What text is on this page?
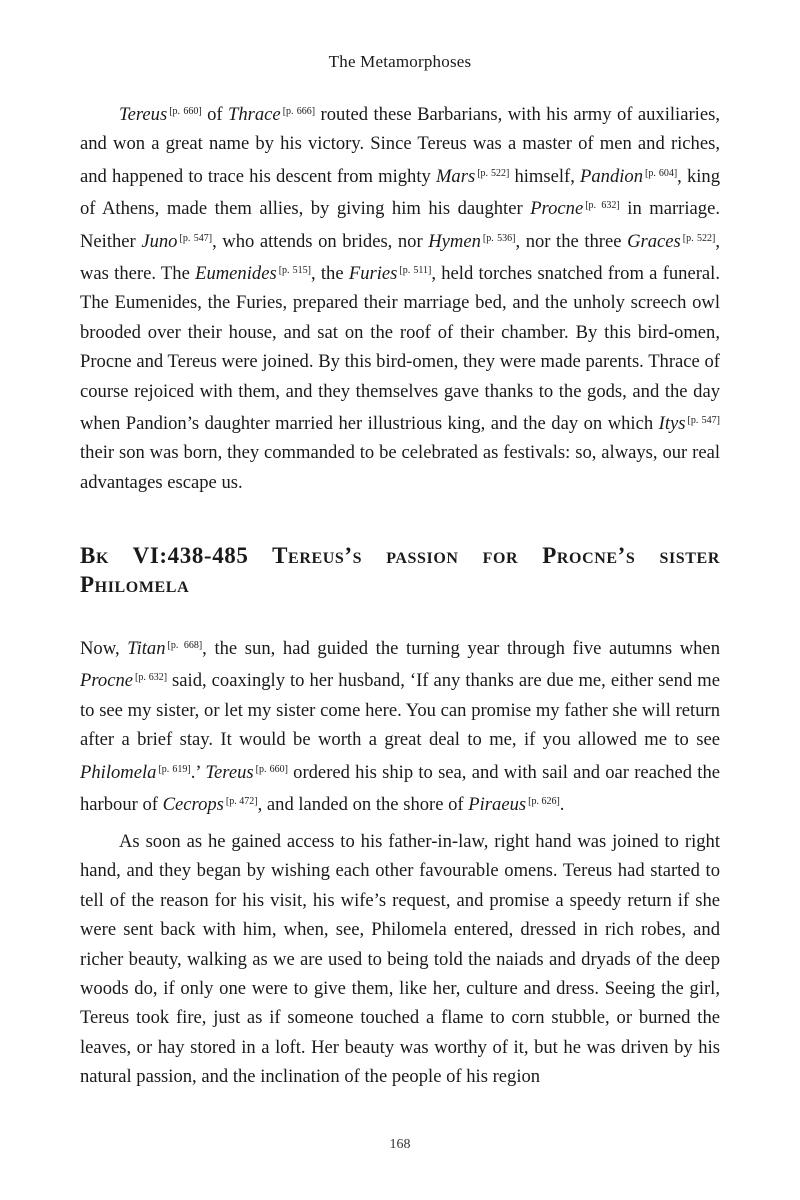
The Metamorphoses
Tereus [p. 660] of Thrace [p. 666] routed these Barbarians, with his army of auxiliaries, and won a great name by his victory. Since Tereus was a master of men and riches, and happened to trace his descent from mighty Mars [p. 522] himself, Pandion [p. 604], king of Athens, made them allies, by giving him his daughter Procne [p. 632] in marriage. Neither Juno [p. 547], who attends on brides, nor Hymen [p. 536], nor the three Graces [p. 522], was there. The Eumenides [p. 515], the Furies [p. 511], held torches snatched from a funeral. The Eumenides, the Furies, prepared their marriage bed, and the unholy screech owl brooded over their house, and sat on the roof of their chamber. By this bird-omen, Procne and Tereus were joined. By this bird-omen, they were made parents. Thrace of course rejoiced with them, and they themselves gave thanks to the gods, and the day when Pandion’s daughter married her illustrious king, and the day on which Itys [p. 547] their son was born, they commanded to be celebrated as festivals: so, always, our real advantages escape us.
Bk VI:438-485 Tereus’s passion for Procne’s sister Philomela
Now, Titan [p. 668], the sun, had guided the turning year through five autumns when Procne [p. 632] said, coaxingly to her husband, ‘If any thanks are due me, either send me to see my sister, or let my sister come here. You can promise my father she will return after a brief stay. It would be worth a great deal to me, if you allowed me to see Philomela [p. 619].’ Tereus [p. 660] ordered his ship to sea, and with sail and oar reached the harbour of Cecrops [p. 472], and landed on the shore of Piraeus [p. 626].
As soon as he gained access to his father-in-law, right hand was joined to right hand, and they began by wishing each other favourable omens. Tereus had started to tell of the reason for his visit, his wife’s request, and promise a speedy return if she were sent back with him, when, see, Philomela entered, dressed in rich robes, and richer beauty, walking as we are used to being told the naiads and dryads of the deep woods do, if only one were to give them, like her, culture and dress. Seeing the girl, Tereus took fire, just as if someone touched a flame to corn stubble, or burned the leaves, or hay stored in a loft. Her beauty was worthy of it, but he was driven by his natural passion, and the inclination of the people of his region
168
